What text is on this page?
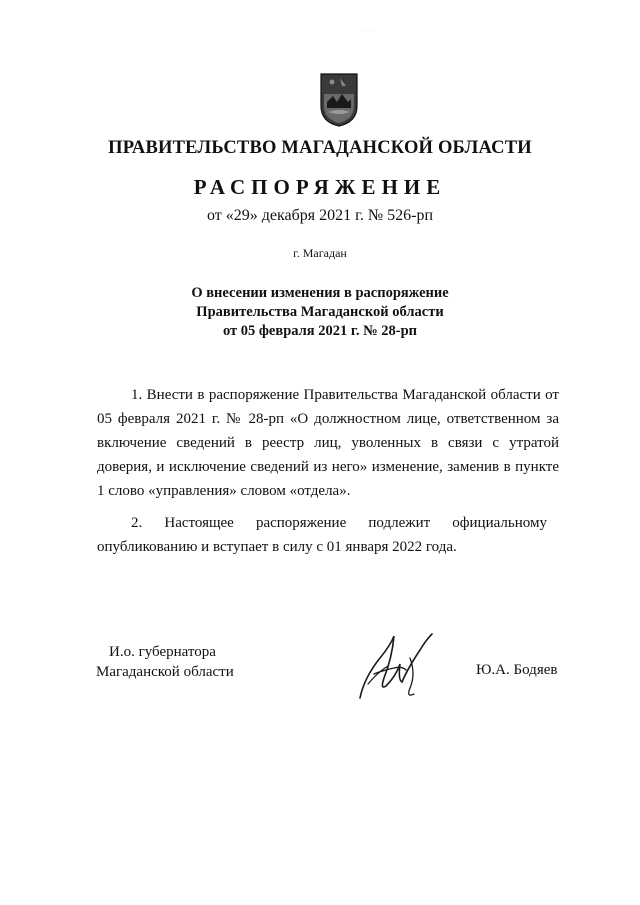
ПРАВИТЕЛЬСТВО МАГАДАНСКОЙ ОБЛАСТИ
РАСПОРЯЖЕНИЕ
от «29» декабря 2021 г. № 526-рп
г. Магадан
О внесении изменения в распоряжение
Правительства Магаданской области
от 05 февраля 2021 г. № 28-рп

1. Внести в распоряжение Правительства Магаданской области от 05 февраля 2021 г. № 28-рп «О должностном лице, ответственном за включение сведений в реестр лиц, уволенных в связи с утратой доверия, и исключение сведений из него» изменение, заменив в пункте 1 слово «управления» словом «отдела».

2. Настоящее распоряжение подлежит официальному
опубликованию и вступает в силу с 01 января 2022 года.
И.о. губернатора
Магаданской области	Ю.А. Бодяев
